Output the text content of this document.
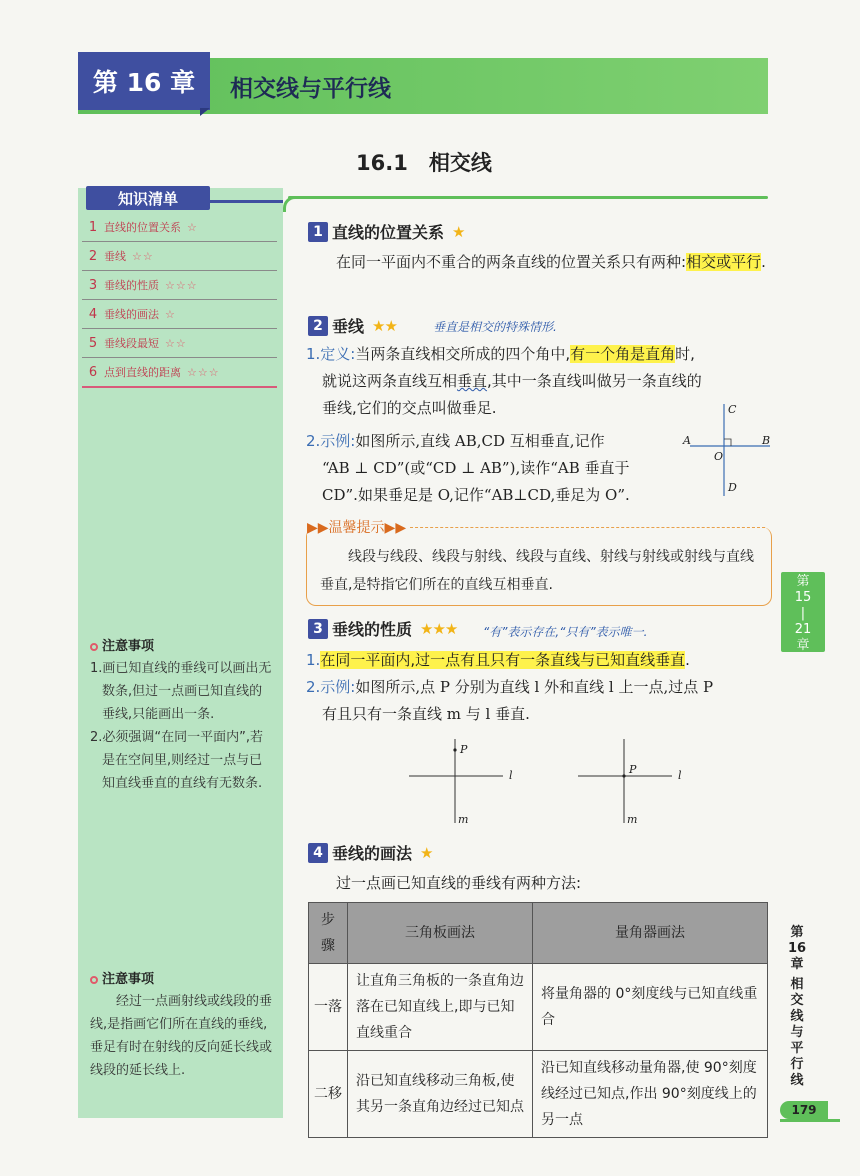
第 16 章	相交线与平行线
16.1　相交线
知识清单
1 直线的位置关系 ☆
2 垂线 ☆☆
3 垂线的性质 ☆☆☆
4 垂线的画法 ☆
5 垂线段最短 ☆☆
6 点到直线的距离 ☆☆☆
注意事项

1.画已知直线的垂线可以画出无数条,但过一点画已知直线的垂线,只能画出一条.

2.必须强调“在同一平面内”,若是在空间里,则经过一点与已知直线垂直的直线有无数条.

注意事项

　　经过一点画射线或线段的垂线,是指画它们所在直线的垂线,垂足有时在射线的反向延长线或线段的延长线上.

1 直线的位置关系 ★

在同一平面内不重合的两条直线的位置关系只有两种:相交或平行.

2 垂线 ★★	垂直是相交的特殊情形.

1.定义:当两条直线相交所成的四个角中,有一个角是直角时,

就说这两条直线互相垂直,其中一条直线叫做另一条直线的

垂线,它们的交点叫做垂足.

2.示例:如图所示,直线 AB,CD 互相垂直,记作

“AB ⊥ CD”(或“CD ⊥ AB”),读作“AB 垂直于

CD”.如果垂足是 O,记作“AB⊥CD,垂足为 O”.

A	B
C
D
O
▶▶温馨提示▶▶
线段与线段、线段与射线、线段与直线、射线与射线或射线与直线垂直,是特指它们所在的直线互相垂直.
3 垂线的性质 ★★★ “有”表示存在,“只有”表示唯一.

1.在同一平面内,过一点有且只有一条直线与已知直线垂直.

2.示例:如图所示,点 P 分别为直线 l 外和直线 l 上一点,过点 P

有且只有一条直线 m 与 l 垂直.

P
l
m
P	l
m
4 垂线的画法 ★
过一点画已知直线的垂线有两种方法:
步骤	三角板画法	量角器画法
一落	让直角三角板的一条直角边落在已知直线上,即与已知直线重合	将量角器的 0°刻度线与已知直线重合
二移	沿已知直线移动三角板,使其另一条直角边经过已知点	沿已知直线移动量角器,使 90°刻度线经过已知点,作出 90°刻度线上的另一点
第
15
|
21
章
第
16
章
相
交
线
与
平
行
线
179
